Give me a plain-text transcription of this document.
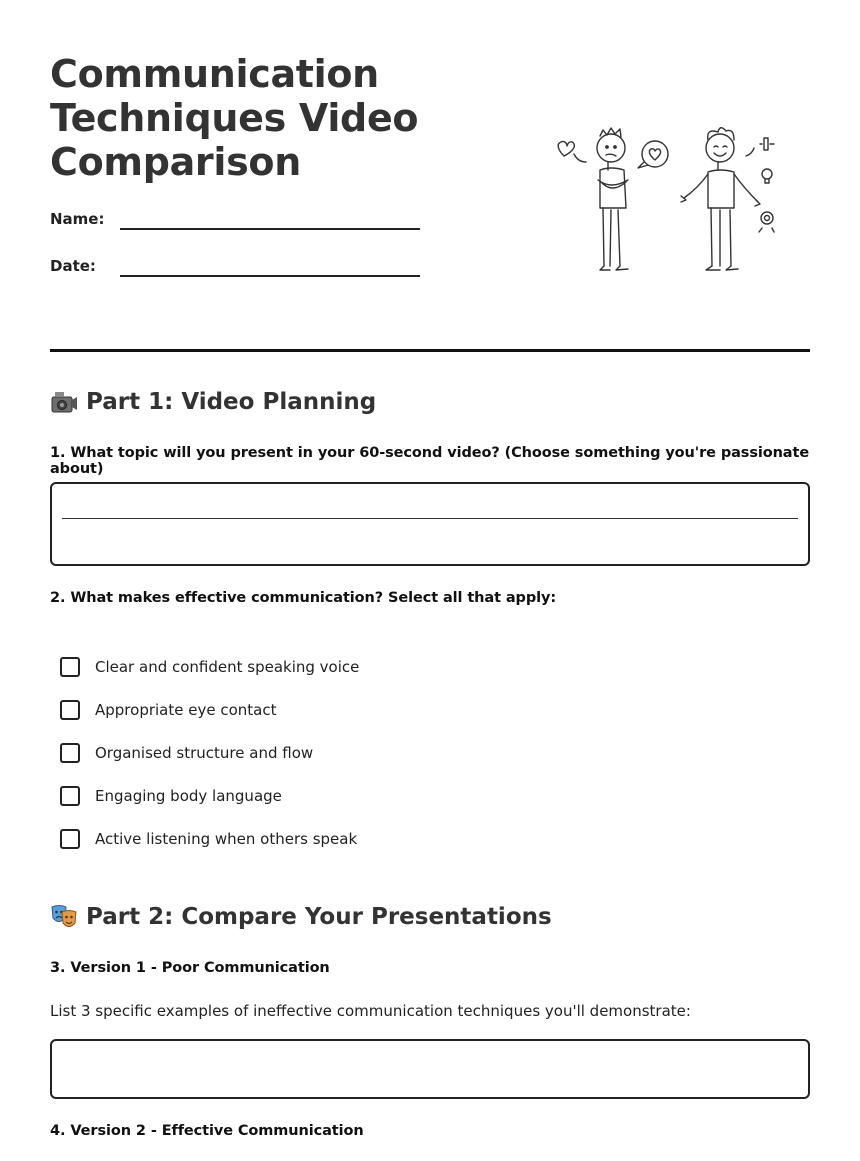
Communication Techniques Video Comparison
Name:
Date:
Part 1: Video Planning
1. What topic will you present in your 60-second video? (Choose something you're passionate about)
2. What makes effective communication? Select all that apply:
Clear and confident speaking voice
Appropriate eye contact
Organised structure and flow
Engaging body language
Active listening when others speak
Part 2: Compare Your Presentations
3. Version 1 - Poor Communication
List 3 specific examples of ineffective communication techniques you'll demonstrate:
4. Version 2 - Effective Communication
